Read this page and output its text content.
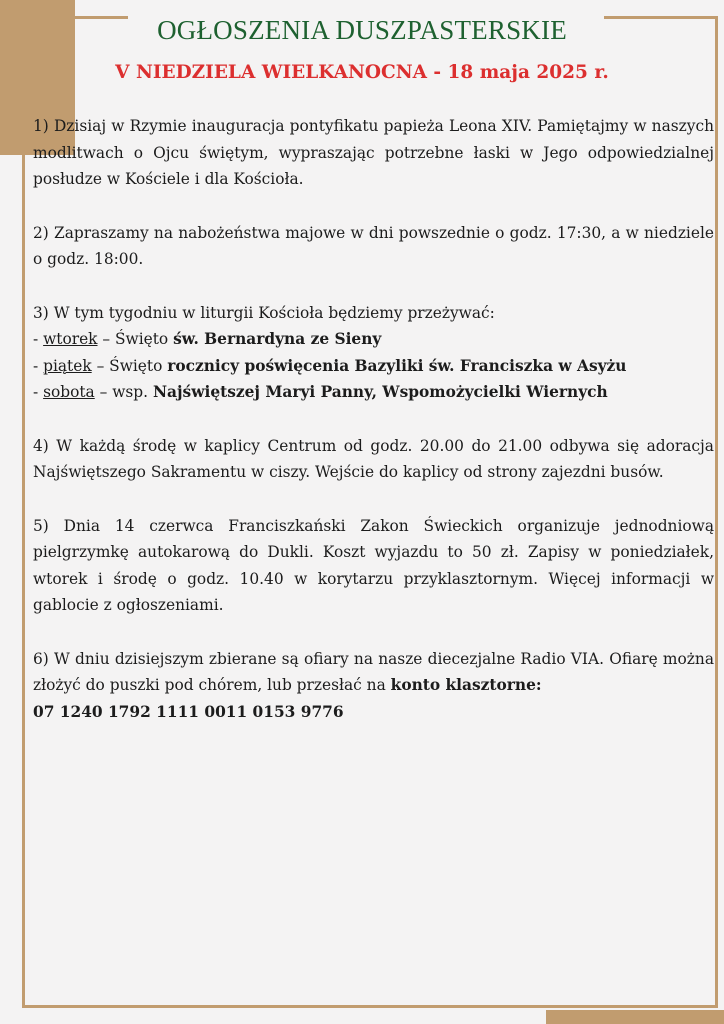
OGŁOSZENIA DUSZPASTERSKIE
V NIEDZIELA WIELKANOCNA - 18 maja 2025 r.

1) Dzisiaj w Rzymie inauguracja pontyfikatu papieża Leona XIV. Pamiętajmy w naszych modlitwach o Ojcu świętym, wypraszając potrzebne łaski w Jego odpowiedzialnej posłudze w Kościele i dla Kościoła.

2) Zapraszamy na nabożeństwa majowe w dni powszednie o godz. 17:30, a w niedziele o godz. 18:00.

3) W tym tygodniu w liturgii Kościoła będziemy przeżywać:
- wtorek – Święto św. Bernardyna ze Sieny
- piątek – Święto rocznicy poświęcenia Bazyliki św. Franciszka w Asyżu
- sobota – wsp. Najświętszej Maryi Panny, Wspomożycielki Wiernych

4) W każdą środę w kaplicy Centrum od godz. 20.00 do 21.00 odbywa się adoracja Najświętszego Sakramentu w ciszy. Wejście do kaplicy od strony zajezdni busów.

5) Dnia 14 czerwca Franciszkański Zakon Świeckich organizuje jednodniową pielgrzymkę autokarową do Dukli. Koszt wyjazdu to 50 zł. Zapisy w poniedziałek, wtorek i środę o godz. 10.40 w korytarzu przyklasztornym. Więcej informacji w gablocie z ogłoszeniami.

6) W dniu dzisiejszym zbierane są ofiary na nasze diecezjalne Radio VIA. Ofiarę można złożyć do puszki pod chórem, lub przesłać na konto klasztorne:
07 1240 1792 1111 0011 0153 9776
